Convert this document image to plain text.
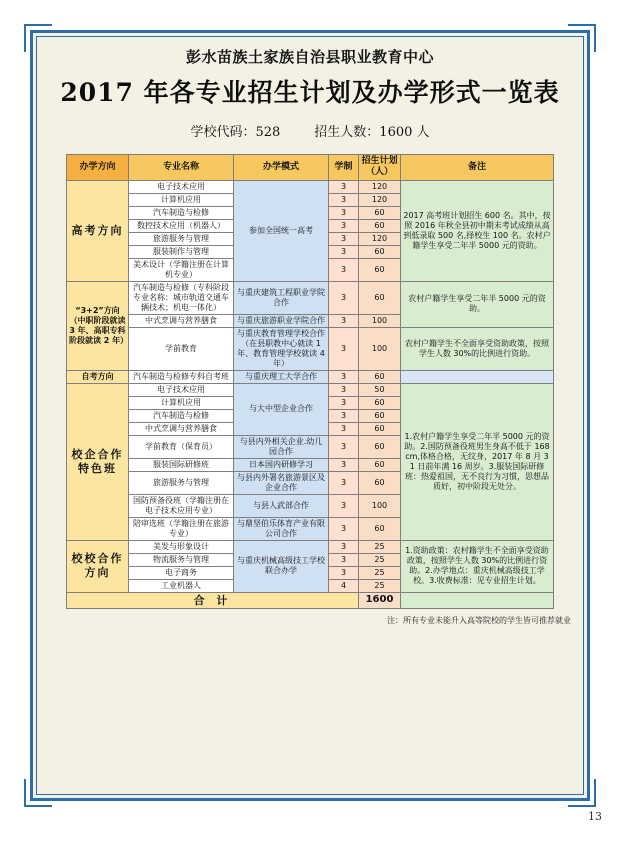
彭水苗族土家族自治县职业教育中心
2017 年各专业招生计划及办学形式一览表
学校代码：528	招生人数：1600 人
办学方向	专业名称	办学模式	学制	招生计划（人）	备注
高考方向	电子技术应用	参加全国统一高考	3	120	2017 高考班计划招生 600 名。其中，按照 2016 年秋全县初中期末考试成绩从高到低录取 500 名,择校生 100 名。农村户籍学生享受二年半 5000 元的资助。
	计算机应用		3	120	
	汽车制造与检修		3	60	
	数控技术应用（机器人）		3	60	
	旅游服务与管理		3	120	
	服装制作与管理		3	60	
	美术设计（学籍注册在计算机专业）		3	60	
“3+2”方向（中职阶段就读 3 年、高职专科阶段就读 2 年）	汽车制造与检修（专科阶段专业名称：城市轨道交通车辆技术；机电一体化）	与重庆建筑工程职业学院合作	3	60	农村户籍学生享受二年半 5000 元的资助。
	中式烹调与营养膳食	与重庆旅游职业学院合作	3	100	
	学前教育	与重庆教育管理学校合作（在县职教中心就读 1 年、教育管理学校就读 4 年）	3	100	农村户籍学生不全面享受资助政策，按照学生人数 30%的比例进行资助。
自考方向	汽车制造与检修专科自考班	与重庆理工大学合作	3	60	
校企合作特色班	电子技术应用	与大中型企业合作	3	50	1.农村户籍学生享受二年半 5000 元的资助。2.国防预备役班男生身高不低于 168cm,体格合格，无纹身，2017 年 8 月 31 日前年满 16 周岁。3.服装国际研修班：热爱祖国，无不良行为习惯，思想品质好，初中阶段无处分。
	计算机应用		3	60	
	汽车制造与检修		3	60	
	中式烹调与营养膳食		3	60	
	学前教育（保育员）	与县内外相关企业.幼儿园合作	3	60	
	服装国际研修班	日本国内研修学习	3	60	
	旅游服务与管理	与县内外署名旅游景区及企业合作	3	60	
	国防预备役班（学籍注册在电子技术应用专业）	与县人武部合作	3	100	
	陪审选班（学籍注册在旅游专业）	与鼎坚伯乐体育产业有限公司合作	3	60	
校校合作方向	美发与形象设计	与重庆机械高级技工学校联合办学	3	25	1.资助政策：农村籍学生不全面享受资助政策，按照学生人数 30%的比例进行资助。2.办学地点：重庆机械高级技工学校。3.收费标准：见专业招生计划。
	物流服务与管理		3	25	
	电子商务		3	25	
	工业机器人		4	25	
合 计				1600	
注：所有专业未能升入高等院校的学生皆可推荐就业
13
